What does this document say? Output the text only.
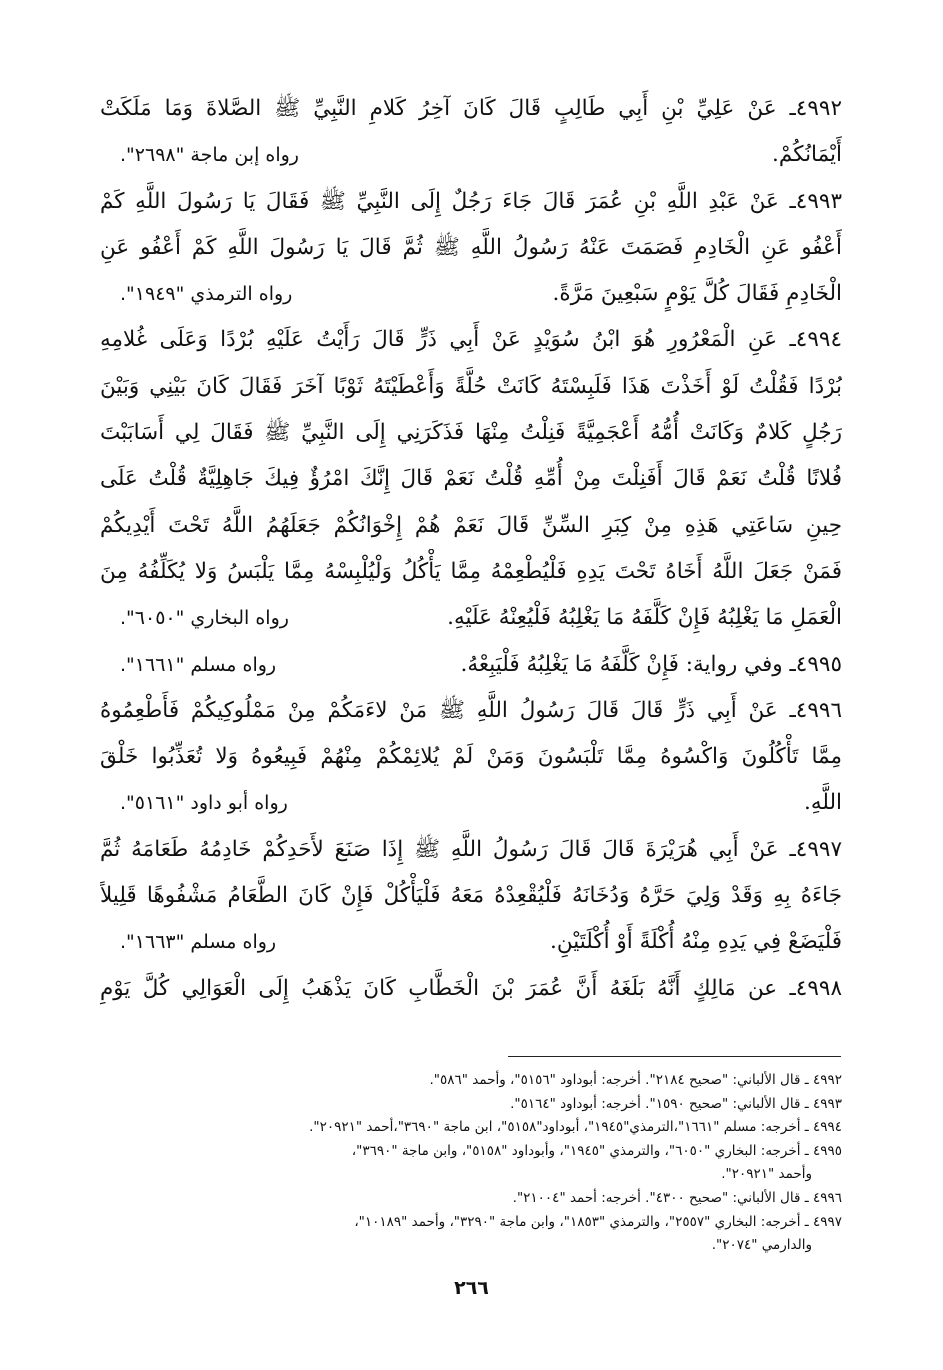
٤٩٩٢ـ عَنْ عَلِيِّ بْنِ أَبِي طَالِبٍ قَالَ كَانَ آخِرُ كَلامِ النَّبِيِّ ﷺ الصَّلاةَ وَمَا مَلَكَتْ
أَيْمَانُكُمْ.
رواه إبن ماجة "٢٦٩٨".
٤٩٩٣ـ عَنْ عَبْدِ اللَّهِ بْنِ عُمَرَ قَالَ جَاءَ رَجُلٌ إِلَى النَّبِيِّ ﷺ فَقَالَ يَا رَسُولَ اللَّهِ كَمْ
أَعْفُو عَنِ الْخَادِمِ فَصَمَتَ عَنْهُ رَسُولُ اللَّهِ ﷺ ثُمَّ قَالَ يَا رَسُولَ اللَّهِ كَمْ أَعْفُو عَنِ
الْخَادِمِ فَقَالَ كُلَّ يَوْمٍ سَبْعِينَ مَرَّةً.
رواه الترمذي "١٩٤٩".
٤٩٩٤ـ عَنِ الْمَعْرُورِ هُوَ ابْنُ سُوَيْدٍ عَنْ أَبِي ذَرٍّ قَالَ رَأَيْتُ عَلَيْهِ بُرْدًا وَعَلَى غُلامِهِ
بُرْدًا فَقُلْتُ لَوْ أَخَذْتَ هَذَا فَلَبِسْتَهُ كَانَتْ حُلَّةً وَأَعْطَيْتَهُ ثَوْبًا آخَرَ فَقَالَ كَانَ بَيْنِي وَبَيْنَ
رَجُلٍ كَلامٌ وَكَانَتْ أُمُّهُ أَعْجَمِيَّةً فَنِلْتُ مِنْهَا فَذَكَرَنِي إِلَى النَّبِيِّ ﷺ فَقَالَ لِي أَسَابَبْتَ
فُلانًا قُلْتُ نَعَمْ قَالَ أَفَنِلْتَ مِنْ أُمِّهِ قُلْتُ نَعَمْ قَالَ إِنَّكَ امْرُؤٌ فِيكَ جَاهِلِيَّةٌ قُلْتُ عَلَى
حِينِ سَاعَتِي هَذِهِ مِنْ كِبَرِ السِّنِّ قَالَ نَعَمْ هُمْ إِخْوَانُكُمْ جَعَلَهُمُ اللَّهُ تَحْتَ أَيْدِيكُمْ
فَمَنْ جَعَلَ اللَّهُ أَخَاهُ تَحْتَ يَدِهِ فَلْيُطْعِمْهُ مِمَّا يَأْكُلُ وَلْيُلْبِسْهُ مِمَّا يَلْبَسُ وَلا يُكَلِّفُهُ مِنَ
الْعَمَلِ مَا يَغْلِبُهُ فَإِنْ كَلَّفَهُ مَا يَغْلِبُهُ فَلْيُعِنْهُ عَلَيْهِ.
رواه البخاري "٦٠٥٠".
٤٩٩٥ـ وفي رواية: فَإِنْ كَلَّفَهُ مَا يَغْلِبُهُ فَلْيَبِعْهُ.
رواه مسلم "١٦٦١".
٤٩٩٦ـ عَنْ أَبِي ذَرٍّ قَالَ قَالَ رَسُولُ اللَّهِ ﷺ مَنْ لاءَمَكُمْ مِنْ مَمْلُوكِيكُمْ فَأَطْعِمُوهُ
مِمَّا تَأْكُلُونَ وَاكْسُوهُ مِمَّا تَلْبَسُونَ وَمَنْ لَمْ يُلائِمْكُمْ مِنْهُمْ فَبِيعُوهُ وَلا تُعَذِّبُوا خَلْقَ
اللَّهِ.
رواه أبو داود "٥١٦١".
٤٩٩٧ـ عَنْ أَبِي هُرَيْرَةَ قَالَ قَالَ رَسُولُ اللَّهِ ﷺ إِذَا صَنَعَ لأَحَدِكُمْ خَادِمُهُ طَعَامَهُ ثُمَّ
جَاءَهُ بِهِ وَقَدْ وَلِيَ حَرَّهُ وَدُخَانَهُ فَلْيُقْعِدْهُ مَعَهُ فَلْيَأْكُلْ فَإِنْ كَانَ الطَّعَامُ مَشْفُوهًا قَلِيلاً
فَلْيَضَعْ فِي يَدِهِ مِنْهُ أُكْلَةً أَوْ أُكْلَتَيْنِ.
رواه مسلم "١٦٦٣".
٤٩٩٨ـ عن مَالِكٍ أَنَّهُ بَلَغَهُ أَنَّ عُمَرَ بْنَ الْخَطَّابِ كَانَ يَذْهَبُ إِلَى الْعَوَالِي كُلَّ يَوْمِ
٤٩٩٢ ـ قال الألباني: "صحيح ٢١٨٤". أخرجه: أبوداود "٥١٥٦"، وأحمد "٥٨٦".
٤٩٩٣ ـ قال الألباني: "صحيح ١٥٩٠". أخرجه: أبوداود "٥١٦٤".
٤٩٩٤ ـ أخرجه: مسلم "١٦٦١"،الترمذي"١٩٤٥"، أبوداود"٥١٥٨"، ابن ماجة "٣٦٩٠"،أحمد "٢٠٩٢١".
٤٩٩٥ ـ أخرجه: البخاري "٦٠٥٠"، والترمذي "١٩٤٥"، وأبوداود "٥١٥٨"، وابن ماجة "٣٦٩٠"،
وأحمد "٢٠٩٢١".
٤٩٩٦ ـ قال الألباني: "صحيح ٤٣٠٠". أخرجه: أحمد "٢١٠٠٤".
٤٩٩٧ ـ أخرجه: البخاري "٢٥٥٧"، والترمذي "١٨٥٣"، وابن ماجة "٣٢٩٠"، وأحمد "١٠١٨٩"،
والدارمي "٢٠٧٤".
٢٦٦
